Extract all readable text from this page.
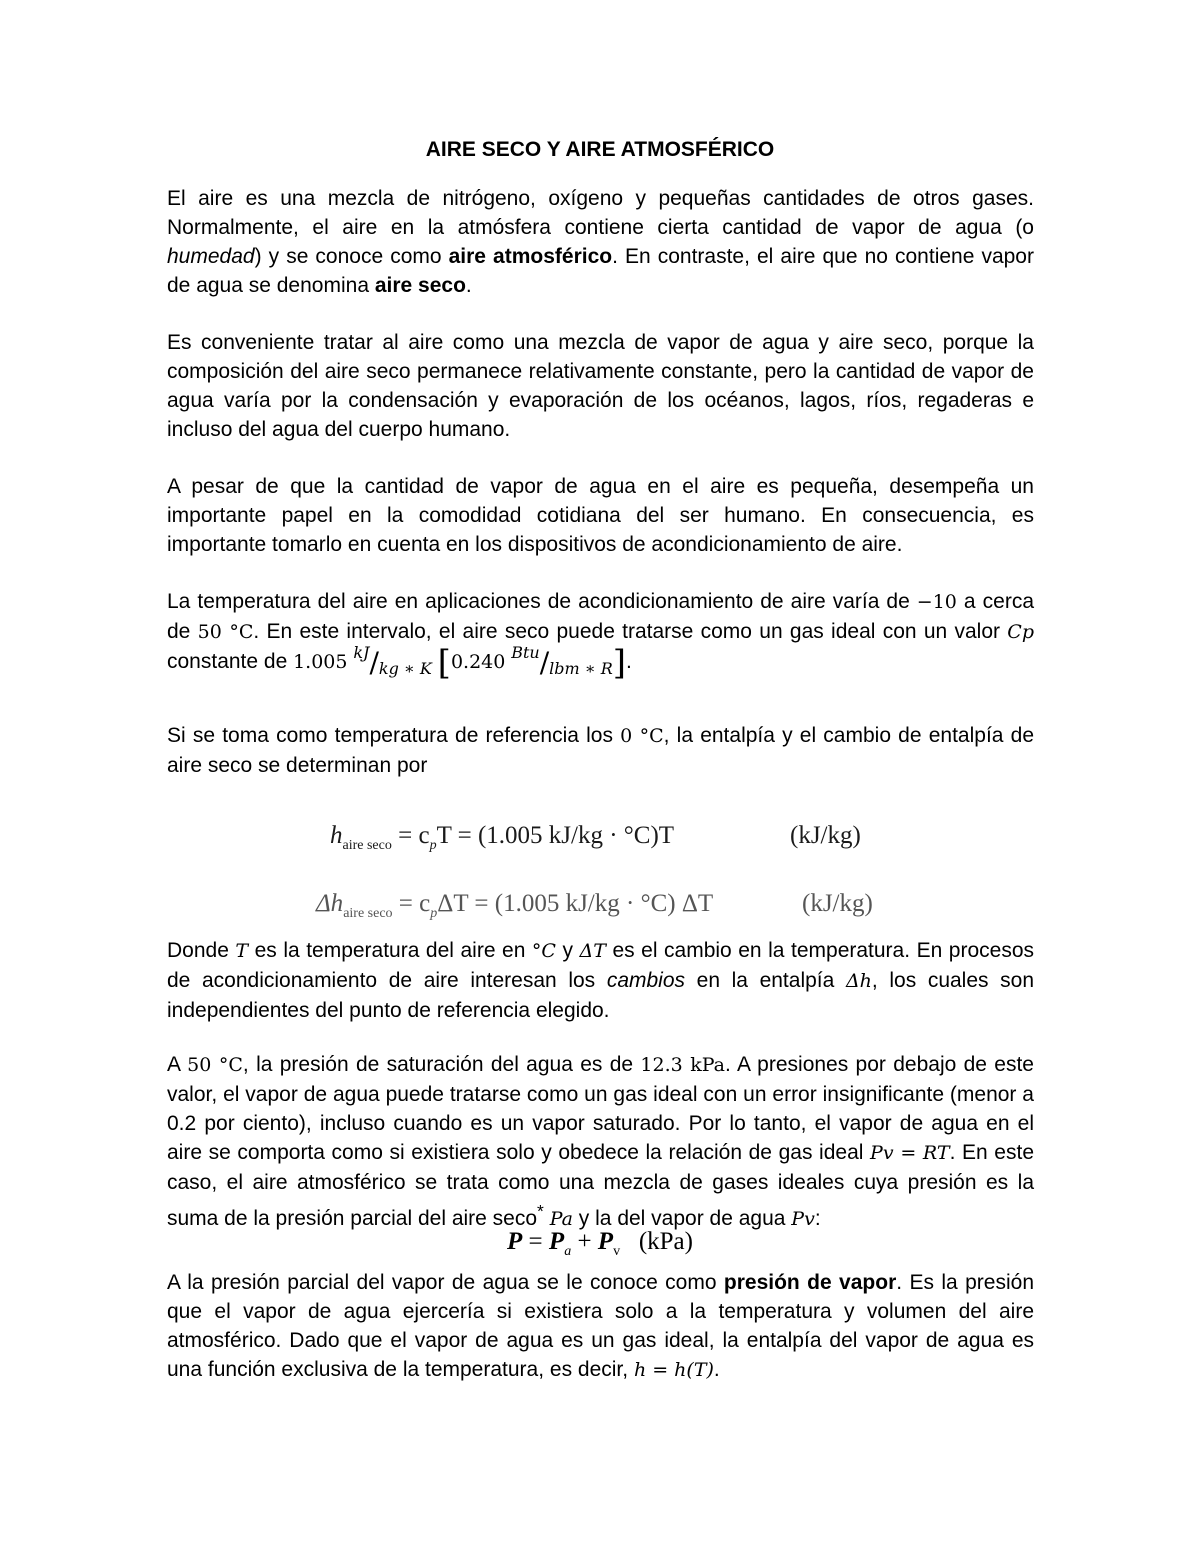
AIRE SECO Y AIRE ATMOSFÉRICO
El aire es una mezcla de nitrógeno, oxígeno y pequeñas cantidades de otros gases. Normalmente, el aire en la atmósfera contiene cierta cantidad de vapor de agua (o humedad) y se conoce como aire atmosférico. En contraste, el aire que no contiene vapor de agua se denomina aire seco.
Es conveniente tratar al aire como una mezcla de vapor de agua y aire seco, porque la composición del aire seco permanece relativamente constante, pero la cantidad de vapor de agua varía por la condensación y evaporación de los océanos, lagos, ríos, regaderas e incluso del agua del cuerpo humano.
A pesar de que la cantidad de vapor de agua en el aire es pequeña, desempeña un importante papel en la comodidad cotidiana del ser humano. En consecuencia, es importante tomarlo en cuenta en los dispositivos de acondicionamiento de aire.
La temperatura del aire en aplicaciones de acondicionamiento de aire varía de −10 a cerca de 50 °C. En este intervalo, el aire seco puede tratarse como un gas ideal con un valor Cp constante de 1.005 kJ/kg ∗ K [0.240 Btu/lbm ∗ R].
Si se toma como temperatura de referencia los 0 °C, la entalpía y el cambio de entalpía de aire seco se determinan por
$h_{aire seco} = c_pT = (1.005$ kJ/kg · °C)T	(kJ/kg)
$\Delta h_{aire seco} = c_p\Delta T = (1.005$ kJ/kg · °C) ΔT	(kJ/kg)
Donde T es la temperatura del aire en °C y ΔT es el cambio en la temperatura. En procesos de acondicionamiento de aire interesan los cambios en la entalpía Δh, los cuales son independientes del punto de referencia elegido.
A 50 °C, la presión de saturación del agua es de 12.3 kPa. A presiones por debajo de este valor, el vapor de agua puede tratarse como un gas ideal con un error insignificante (menor a 0.2 por ciento), incluso cuando es un vapor saturado. Por lo tanto, el vapor de agua en el aire se comporta como si existiera solo y obedece la relación de gas ideal Pv = RT. En este caso, el aire atmosférico se trata como una mezcla de gases ideales cuya presión es la suma de la presión parcial del aire seco* Pa y la del vapor de agua Pv:
$P = P_a + P_v$ (kPa)
A la presión parcial del vapor de agua se le conoce como presión de vapor. Es la presión que el vapor de agua ejercería si existiera solo a la temperatura y volumen del aire atmosférico. Dado que el vapor de agua es un gas ideal, la entalpía del vapor de agua es una función exclusiva de la temperatura, es decir, h = h(T).
